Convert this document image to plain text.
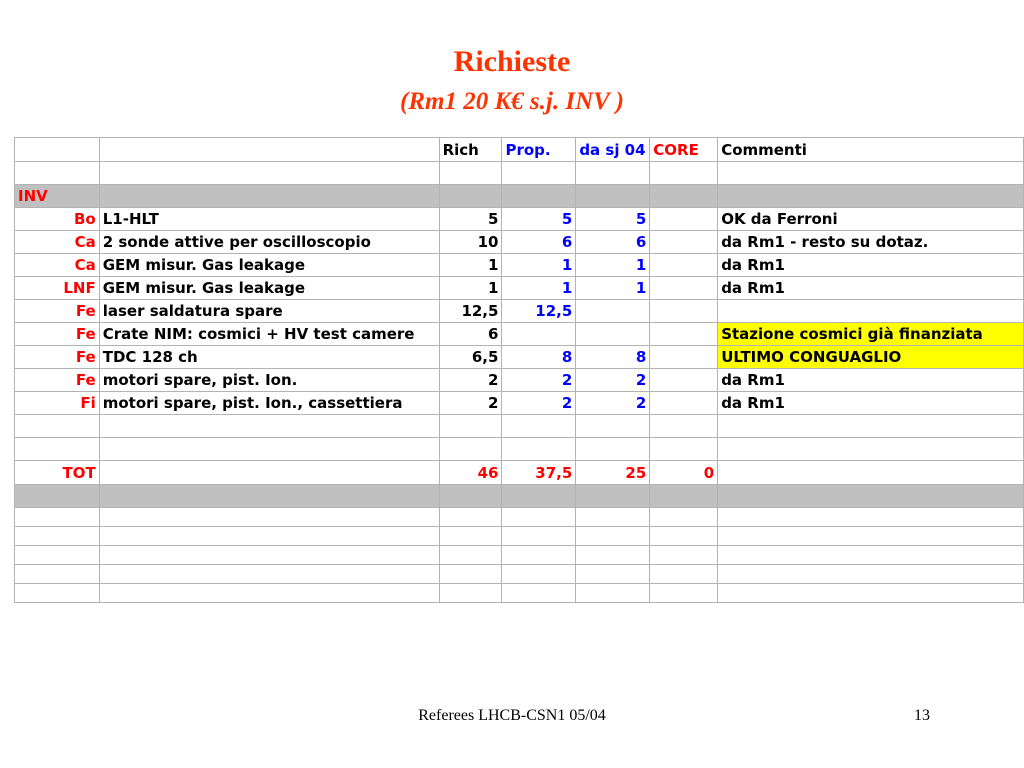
Richieste
(Rm1 20 K€ s.j. INV )
		Rich	Prop.	da sj 04	CORE	Commenti

INV						
Bo	L1-HLT	5	5	5		OK da Ferroni
Ca	2 sonde attive per oscilloscopio	10	6	6		da Rm1 - resto su dotaz.
Ca	GEM misur. Gas leakage	1	1	1		da Rm1
LNF	GEM misur. Gas leakage	1	1	1		da Rm1
Fe	laser saldatura spare	12,5	12,5			
Fe	Crate NIM: cosmici + HV test camere	6				Stazione cosmici già finanziata
Fe	TDC 128 ch	6,5	8	8		ULTIMO CONGUAGLIO
Fe	motori spare, pist. Ion.	2	2	2		da Rm1
Fi	motori spare, pist. Ion., cassettiera	2	2	2		da Rm1

TOT		46	37,5	25	0	

Referees LHCB-CSN1 05/04	13
